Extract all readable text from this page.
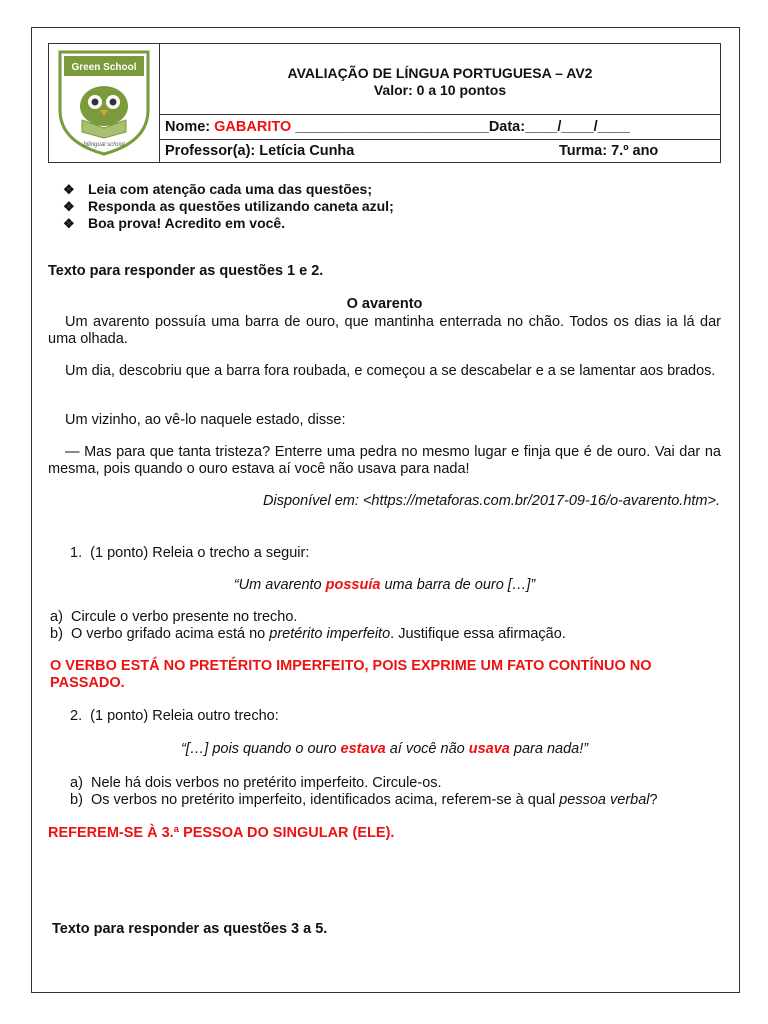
Green School
bilingual school
AVALIAÇÃO DE LÍNGUA PORTUGUESA – AV2
Valor: 0 a 10 pontos
Nome: GABARITO ________________________Data:____/____/____
Professor(a): Letícia Cunha	Turma: 7.º ano
❖ Leia com atenção cada uma das questões;
❖ Responda as questões utilizando caneta azul;
❖ Boa prova! Acredito em você.
Texto para responder as questões 1 e 2.
O avarento
Um avarento possuía uma barra de ouro, que mantinha enterrada no chão. Todos os dias ia lá dar uma olhada.
Um dia, descobriu que a barra fora roubada, e começou a se descabelar e a se lamentar aos brados.
Um vizinho, ao vê-lo naquele estado, disse:
— Mas para que tanta tristeza? Enterre uma pedra no mesmo lugar e finja que é de ouro. Vai dar na mesma, pois quando o ouro estava aí você não usava para nada!
Disponível em: <https://metaforas.com.br/2017-09-16/o-avarento.htm>.
1. (1 ponto) Releia o trecho a seguir:
“Um avarento possuía uma barra de ouro […]”
a) Circule o verbo presente no trecho.
b) O verbo grifado acima está no pretérito imperfeito. Justifique essa afirmação.
O VERBO ESTÁ NO PRETÉRITO IMPERFEITO, POIS EXPRIME UM FATO CONTÍNUO NO PASSADO.
2. (1 ponto) Releia outro trecho:
“[…] pois quando o ouro estava aí você não usava para nada!”
a) Nele há dois verbos no pretérito imperfeito. Circule-os.
b) Os verbos no pretérito imperfeito, identificados acima, referem-se à qual pessoa verbal?
REFEREM-SE À 3.ª PESSOA DO SINGULAR (ELE).
Texto para responder as questões 3 a 5.
